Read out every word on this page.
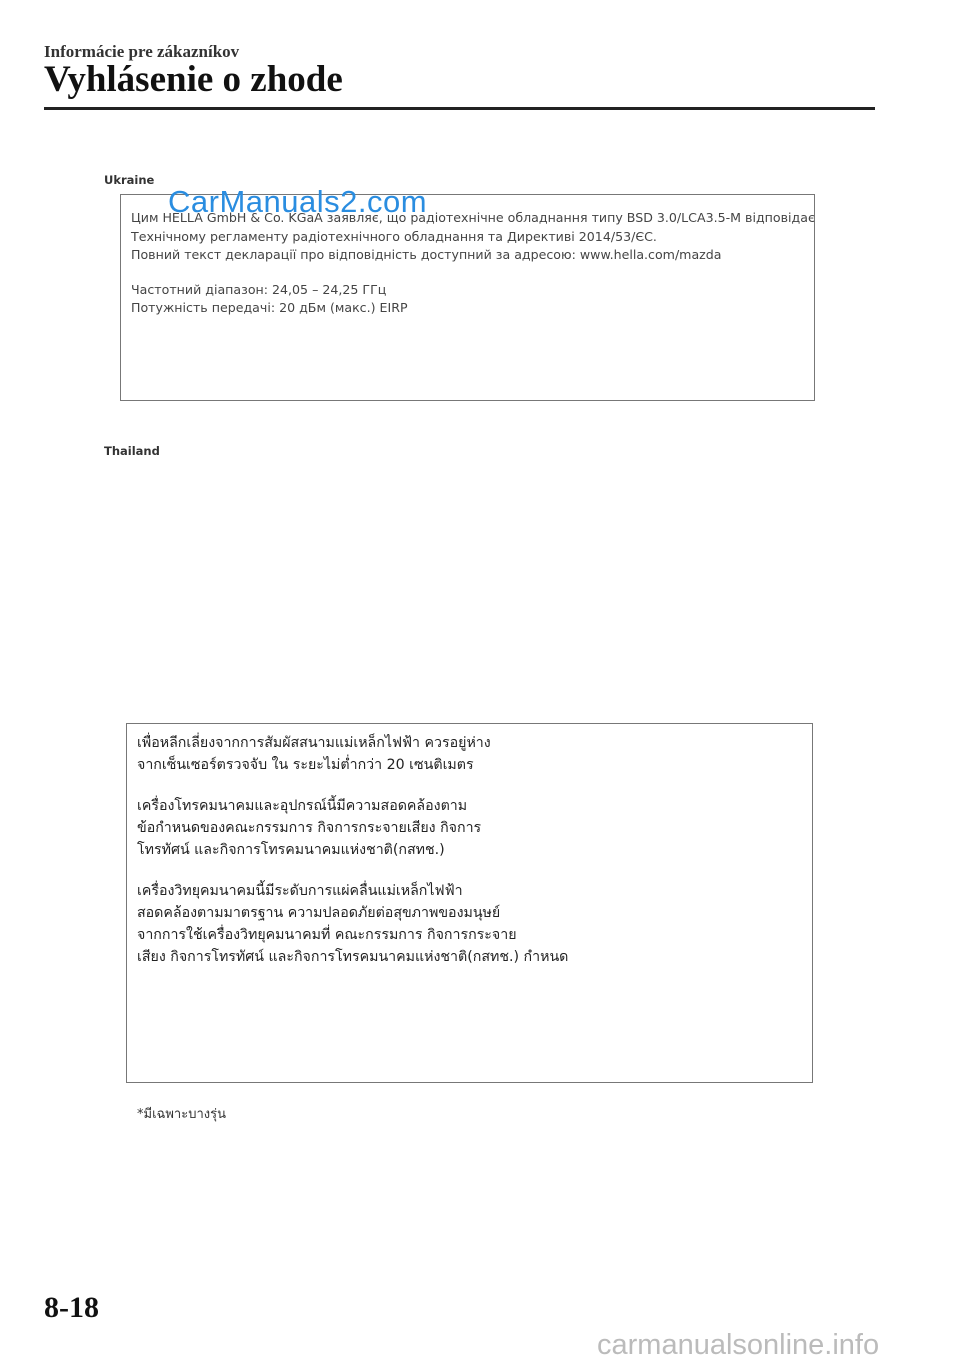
Informácie pre zákazníkov
Vyhlásenie o zhode
Ukraine
Цим HELLA GmbH & Co. KGaA заявляє, що радіотехнічне обладнання типу BSD 3.0/LCA3.5-M відповідає
Технічному регламенту радіотехнічного обладнання та Директиві 2014/53/ЄС.
Повний текст декларації про відповідність доступний за адресою: www.hella.com/mazda
Частотний діапазон: 24,05 – 24,25 ГГц
Потужність передачі: 20 дБм (макс.) EIRP
CarManuals2.com
Thailand
เพื่อหลีกเลี่ยงจากการสัมผัสสนามแม่เหล็กไฟฟ้า ควรอยู่ห่าง
จากเซ็นเซอร์ตรวจจับ ใน ระยะไม่ต่ำกว่า 20 เซนติเมตร
เครื่องโทรคมนาคมและอุปกรณ์นี้มีความสอดคล้องตาม
ข้อกำหนดของคณะกรรมการ กิจการกระจายเสียง กิจการ
โทรทัศน์ และกิจการโทรคมนาคมแห่งชาติ(กสทช.)
เครื่องวิทยุคมนาคมนี้มีระดับการแผ่คลื่นแม่เหล็กไฟฟ้า
สอดคล้องตามมาตรฐาน ความปลอดภัยต่อสุขภาพของมนุษย์
จากการใช้เครื่องวิทยุคมนาคมที่ คณะกรรมการ กิจการกระจาย
เสียง กิจการโทรทัศน์ และกิจการโทรคมนาคมแห่งชาติ(กสทช.) กำหนด
*มีเฉพาะบางรุ่น
8-18
carmanualsonline.info
